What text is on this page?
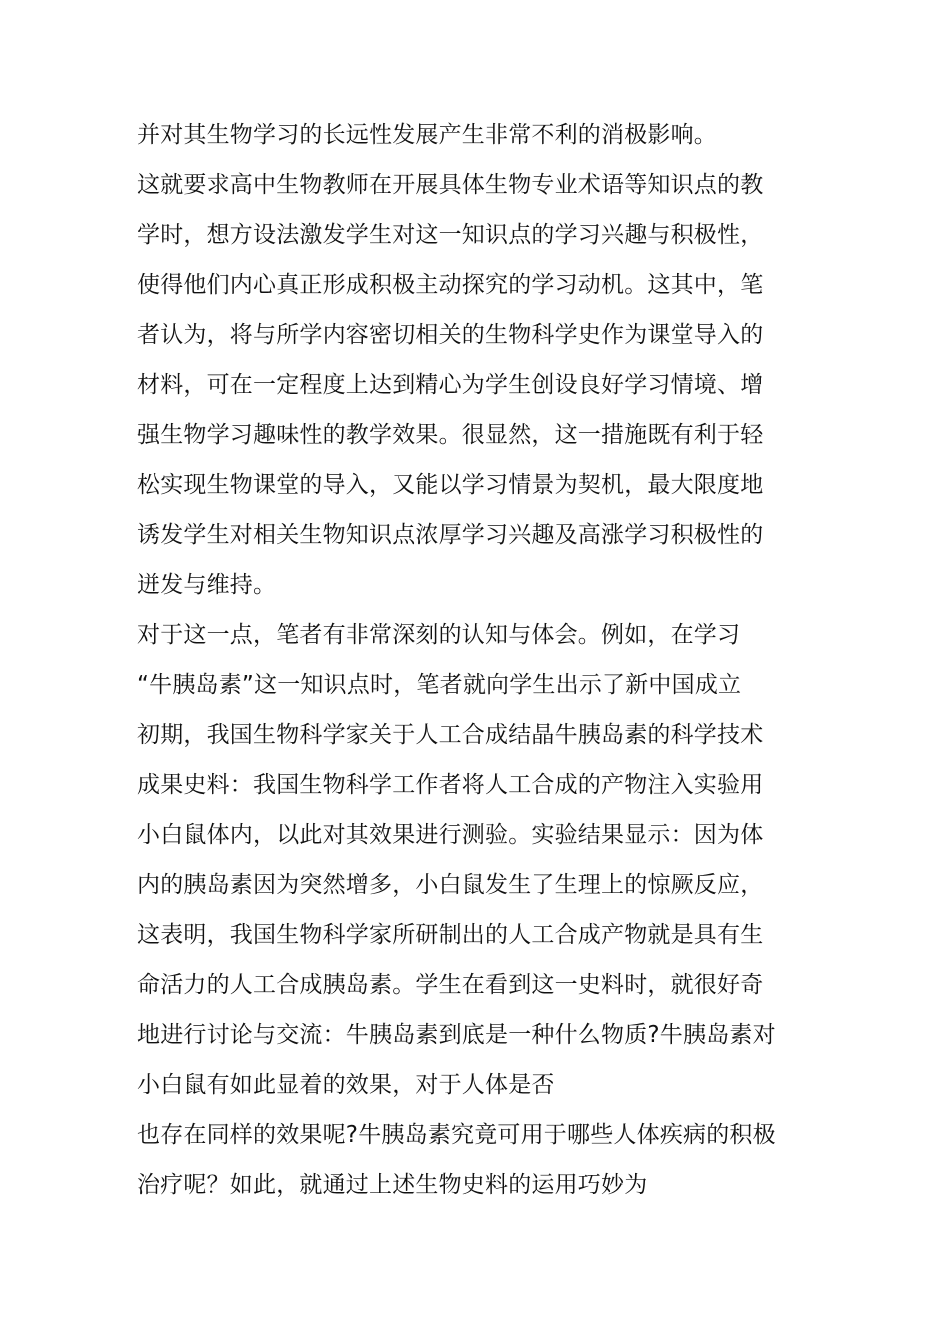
并对其生物学习的长远性发展产生非常不利的消极影响。
这就要求高中生物教师在开展具体生物专业术语等知识点的教
学时，想方设法激发学生对这一知识点的学习兴趣与积极性，
使得他们内心真正形成积极主动探究的学习动机。这其中，笔
者认为，将与所学内容密切相关的生物科学史作为课堂导入的
材料，可在一定程度上达到精心为学生创设良好学习情境、增
强生物学习趣味性的教学效果。很显然，这一措施既有利于轻
松实现生物课堂的导入，又能以学习情景为契机，最大限度地
诱发学生对相关生物知识点浓厚学习兴趣及高涨学习积极性的
迸发与维持。
对于这一点，笔者有非常深刻的认知与体会。例如，在学习
“牛胰岛素”这一知识点时，笔者就向学生出示了新中国成立
初期，我国生物科学家关于人工合成结晶牛胰岛素的科学技术
成果史料：我国生物科学工作者将人工合成的产物注入实验用
小白鼠体内，以此对其效果进行测验。实验结果显示：因为体
内的胰岛素因为突然增多，小白鼠发生了生理上的惊厥反应，
这表明，我国生物科学家所研制出的人工合成产物就是具有生
命活力的人工合成胰岛素。学生在看到这一史料时，就很好奇
地进行讨论与交流：牛胰岛素到底是一种什么物质?牛胰岛素对
小白鼠有如此显着的效果，对于人体是否
也存在同样的效果呢?牛胰岛素究竟可用于哪些人体疾病的积极
治疗呢？如此，就通过上述生物史料的运用巧妙为
